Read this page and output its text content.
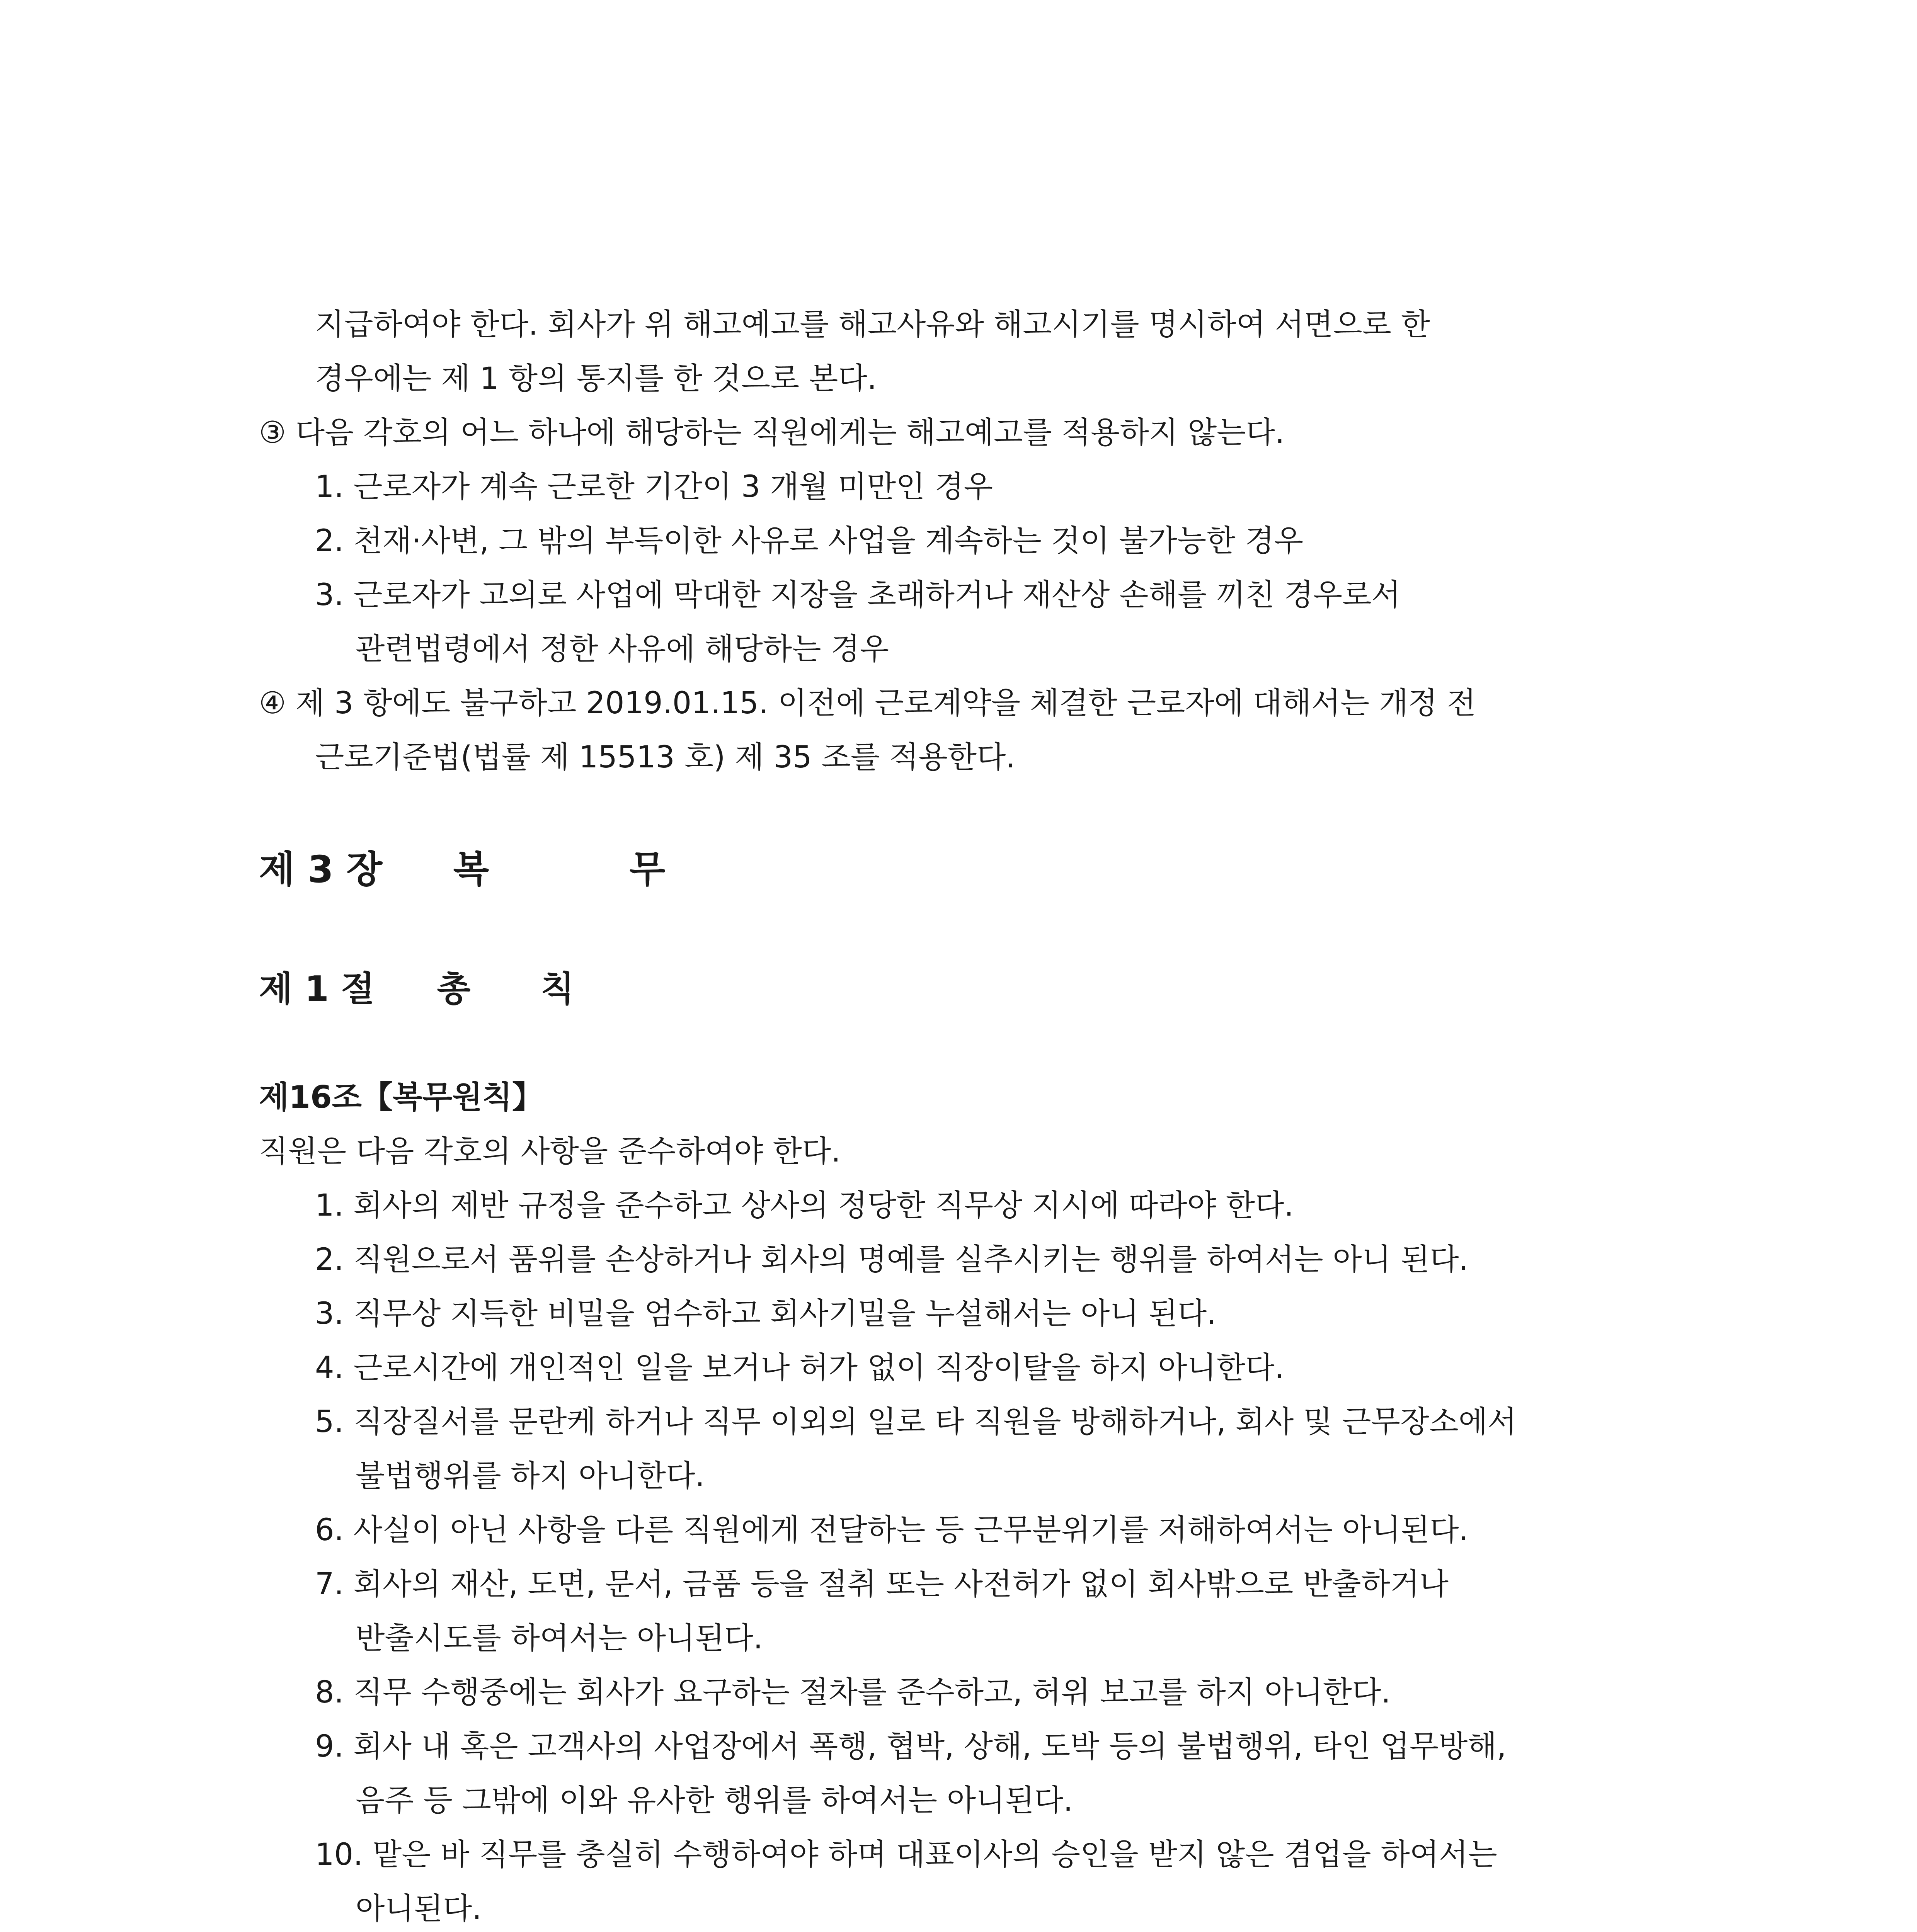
지급하여야 한다. 회사가 위 해고예고를 해고사유와 해고시기를 명시하여 서면으로 한
경우에는 제 1 항의 통지를 한 것으로 본다.
③ 다음 각호의 어느 하나에 해당하는 직원에게는 해고예고를 적용하지 않는다.
1. 근로자가 계속 근로한 기간이 3 개월 미만인 경우
2. 천재·사변, 그 밖의 부득이한 사유로 사업을 계속하는 것이 불가능한 경우
3. 근로자가 고의로 사업에 막대한 지장을 초래하거나 재산상 손해를 끼친 경우로서
관련법령에서 정한 사유에 해당하는 경우
④ 제 3 항에도 불구하고 2019.01.15. 이전에 근로계약을 체결한 근로자에 대해서는 개정 전
근로기준법(법률 제 15513 호) 제 35 조를 적용한다.
제 3 장 복	무
제 1 절 총 칙
제16조【복무원칙】
직원은 다음 각호의 사항을 준수하여야 한다.
1. 회사의 제반 규정을 준수하고 상사의 정당한 직무상 지시에 따라야 한다.
2. 직원으로서 품위를 손상하거나 회사의 명예를 실추시키는 행위를 하여서는 아니 된다.
3. 직무상 지득한 비밀을 엄수하고 회사기밀을 누설해서는 아니 된다.
4. 근로시간에 개인적인 일을 보거나 허가 없이 직장이탈을 하지 아니한다.
5. 직장질서를 문란케 하거나 직무 이외의 일로 타 직원을 방해하거나, 회사 및 근무장소에서
불법행위를 하지 아니한다.
6. 사실이 아닌 사항을 다른 직원에게 전달하는 등 근무분위기를 저해하여서는 아니된다.
7. 회사의 재산, 도면, 문서, 금품 등을 절취 또는 사전허가 없이 회사밖으로 반출하거나
반출시도를 하여서는 아니된다.
8. 직무 수행중에는 회사가 요구하는 절차를 준수하고, 허위 보고를 하지 아니한다.
9. 회사 내 혹은 고객사의 사업장에서 폭행, 협박, 상해, 도박 등의 불법행위, 타인 업무방해,
음주 등 그밖에 이와 유사한 행위를 하여서는 아니된다.
10. 맡은 바 직무를 충실히 수행하여야 하며 대표이사의 승인을 받지 않은 겸업을 하여서는
아니된다.
